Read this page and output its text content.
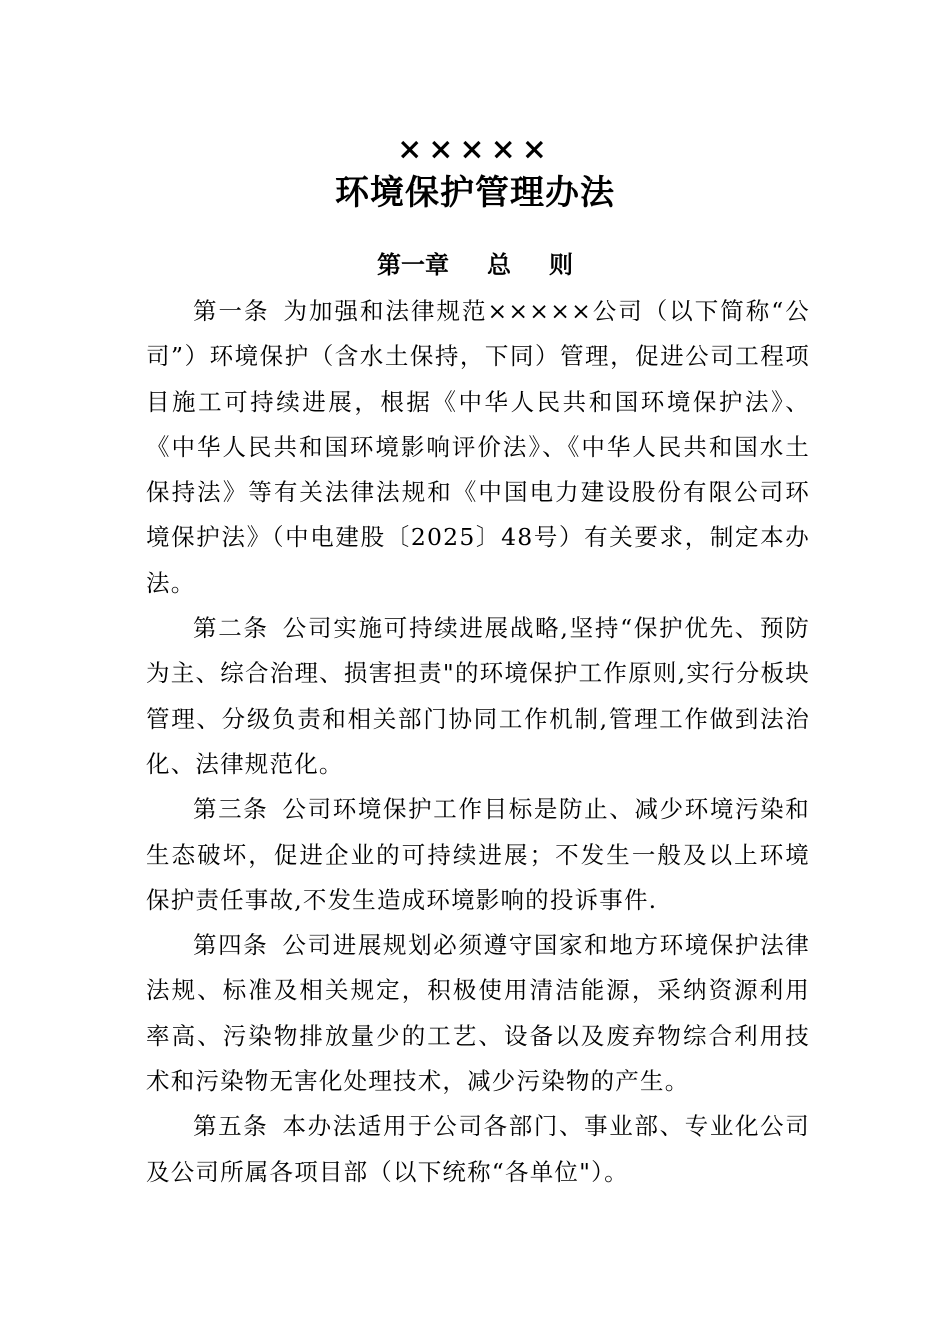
×××××
环境保护管理办法
第一章 总 则

第一条 为加强和法律规范×××××公司（以下简称“公司”）环境保护（含水土保持，下同）管理，促进公司工程项目施工可持续进展，根据《中华人民共和国环境保护法》、《中华人民共和国环境影响评价法》、《中华人民共和国水土保持法》等有关法律法规和《中国电力建设股份有限公司环境保护法》（中电建股〔2025〕48号）有关要求，制定本办法。

第二条 公司实施可持续进展战略,坚持“保护优先、预防为主、综合治理、损害担责"的环境保护工作原则,实行分板块管理、分级负责和相关部门协同工作机制,管理工作做到法治化、法律规范化。

第三条 公司环境保护工作目标是防止、减少环境污染和生态破坏，促进企业的可持续进展；不发生一般及以上环境保护责任事故,不发生造成环境影响的投诉事件.

第四条 公司进展规划必须遵守国家和地方环境保护法律法规、标准及相关规定，积极使用清洁能源，采纳资源利用率高、污染物排放量少的工艺、设备以及废弃物综合利用技术和污染物无害化处理技术，减少污染物的产生。

第五条 本办法适用于公司各部门、事业部、专业化公司及公司所属各项目部（以下统称“各单位"）。
